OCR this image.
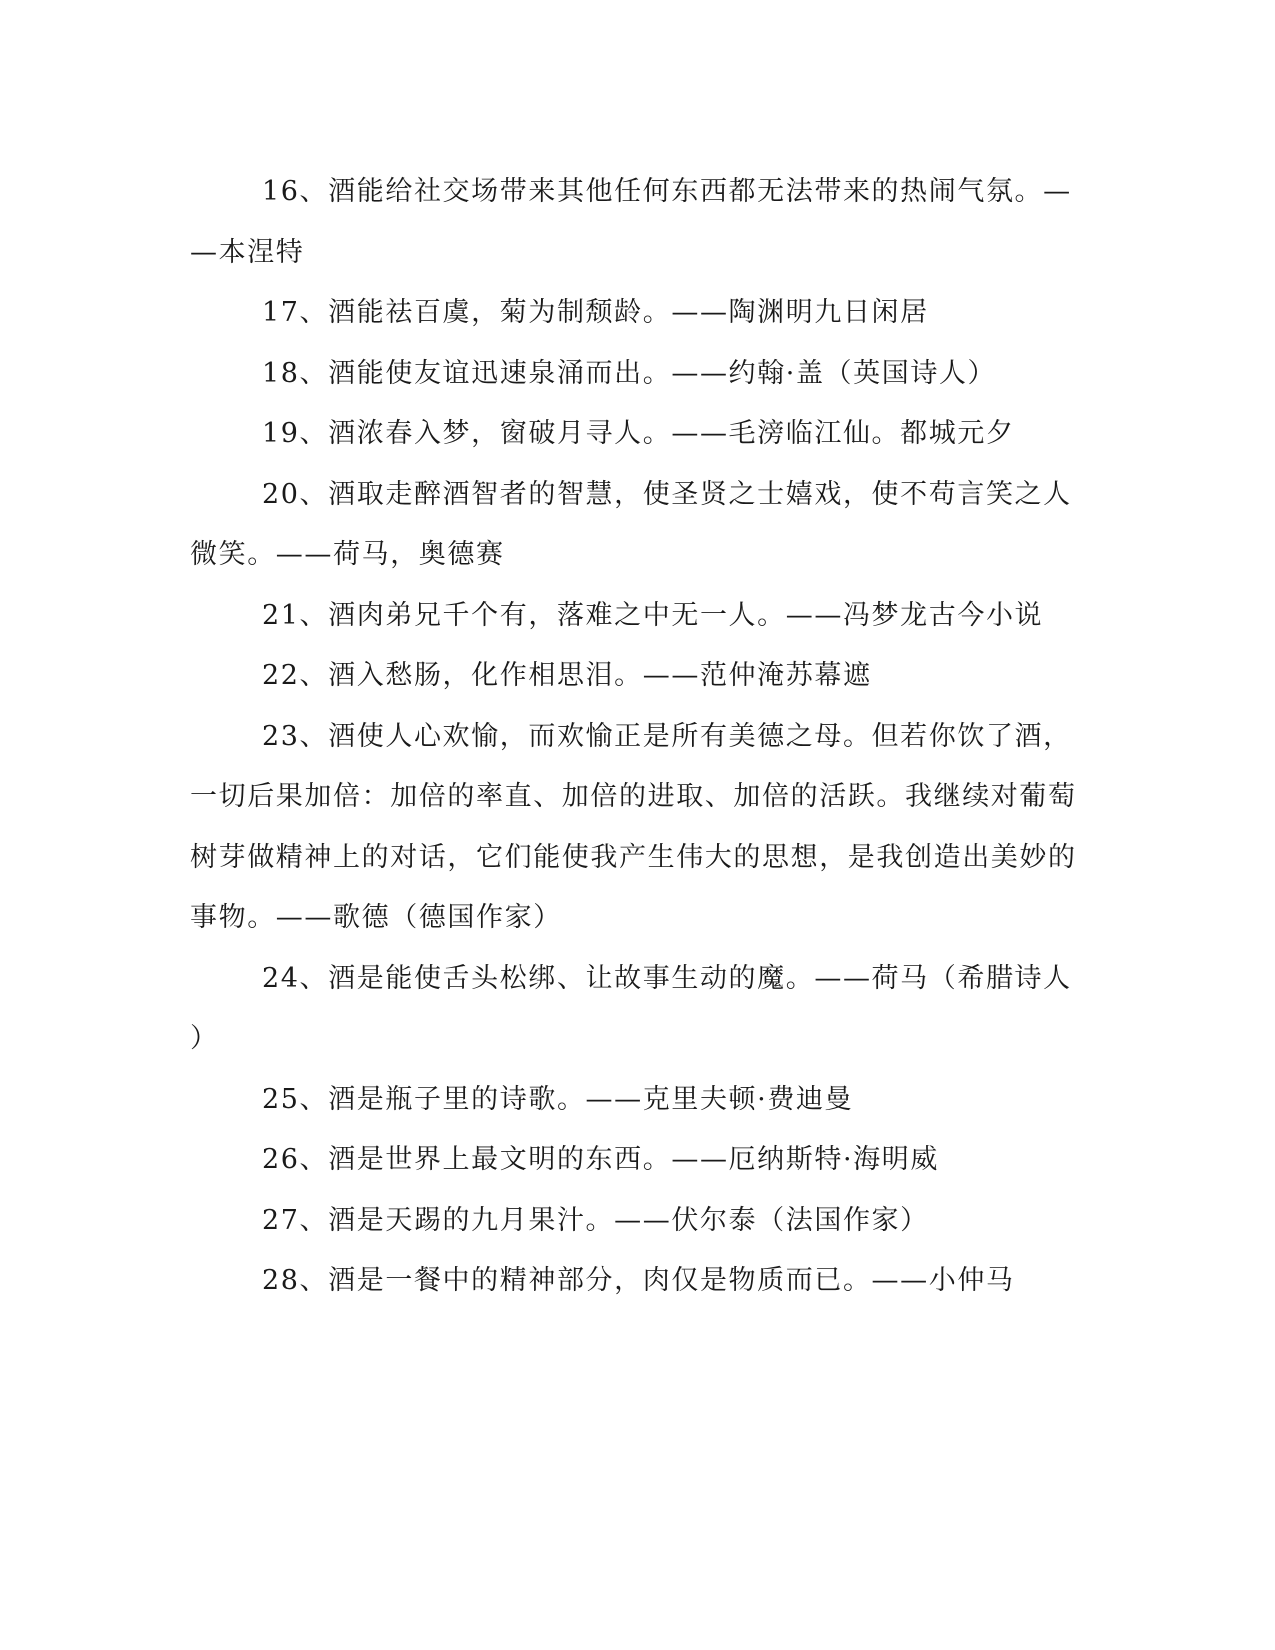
16、酒能给社交场带来其他任何东西都无法带来的热闹气氛。——本涅特

17、酒能祛百虞，菊为制颓龄。——陶渊明九日闲居

18、酒能使友谊迅速泉涌而出。——约翰·盖（英国诗人）

19、酒浓春入梦，窗破月寻人。——毛滂临江仙。都城元夕

20、酒取走醉酒智者的智慧，使圣贤之士嬉戏，使不苟言笑之人微笑。——荷马，奥德赛

21、酒肉弟兄千个有，落难之中无一人。——冯梦龙古今小说

22、酒入愁肠，化作相思泪。——范仲淹苏幕遮

23、酒使人心欢愉，而欢愉正是所有美德之母。但若你饮了酒，一切后果加倍：加倍的率直、加倍的进取、加倍的活跃。我继续对葡萄树芽做精神上的对话，它们能使我产生伟大的思想，是我创造出美妙的事物。——歌德（德国作家）

24、酒是能使舌头松绑、让故事生动的魔。——荷马（希腊诗人）

25、酒是瓶子里的诗歌。——克里夫顿·费迪曼

26、酒是世界上最文明的东西。——厄纳斯特·海明威

27、酒是天踢的九月果汁。——伏尔泰（法国作家）

28、酒是一餐中的精神部分，肉仅是物质而已。——小仲马
